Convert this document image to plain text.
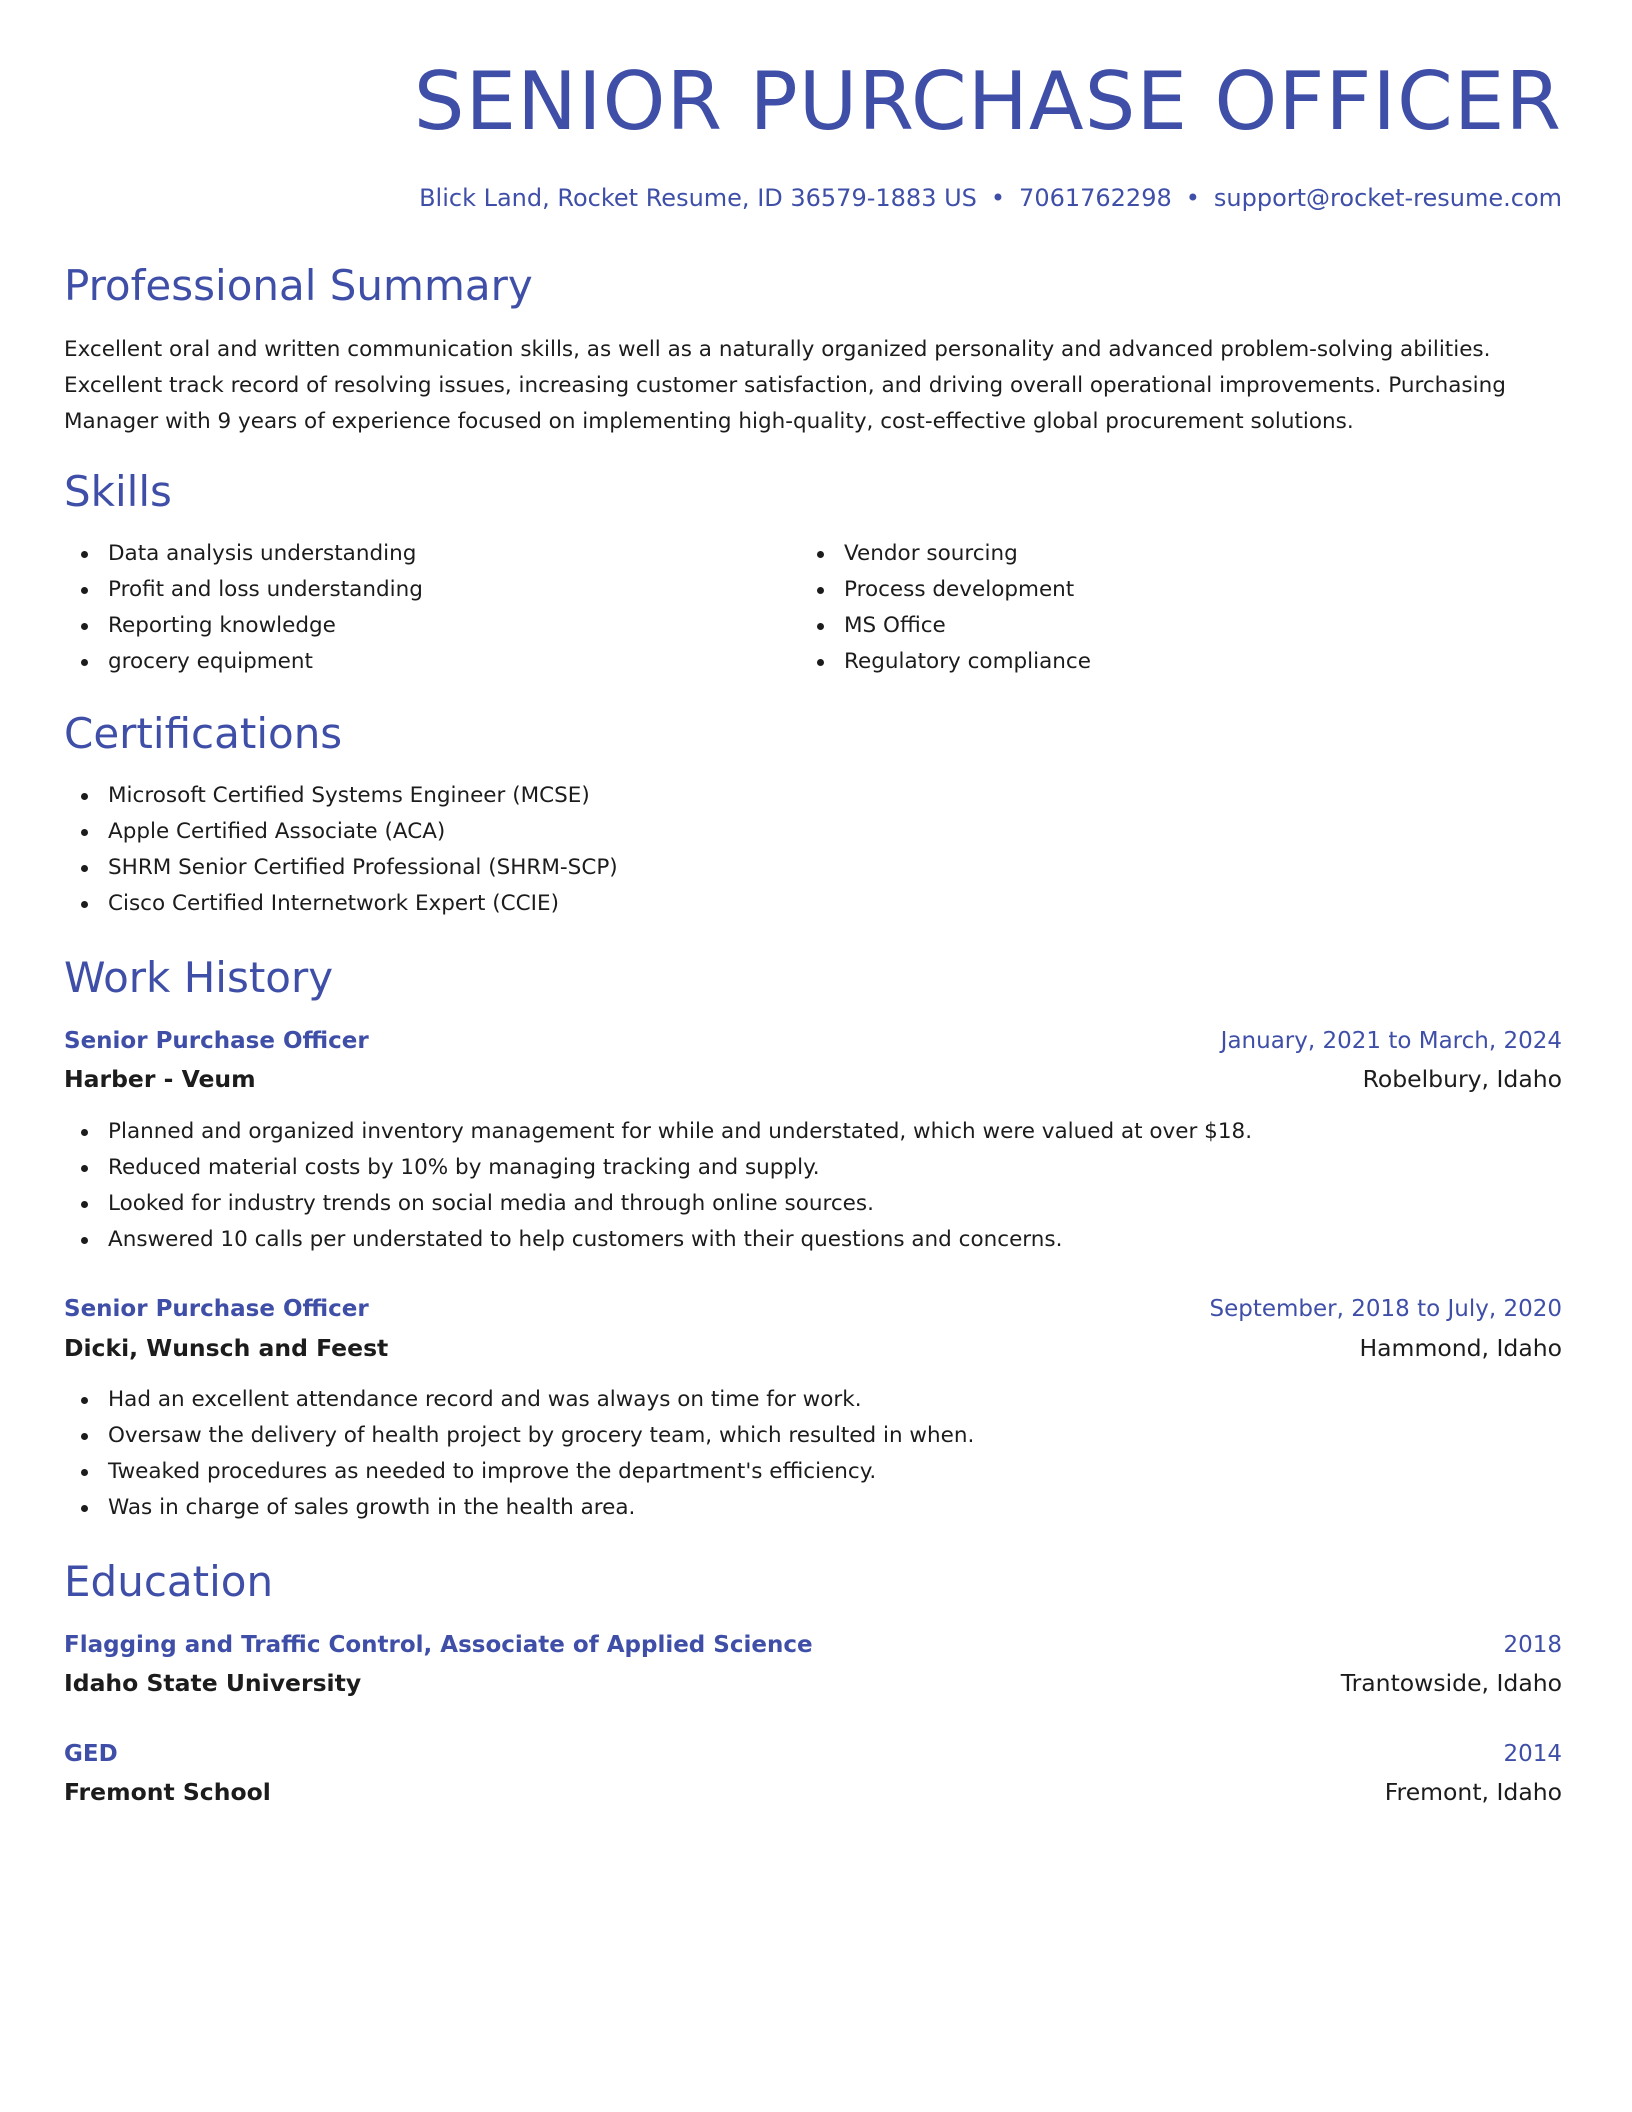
SENIOR PURCHASE OFFICER
Blick Land, Rocket Resume, ID 36579-1883 US • 7061762298 • support@rocket-resume.com
Professional Summary

Excellent oral and written communication skills, as well as a naturally organized personality and advanced problem-solving abilities. Excellent track record of resolving issues, increasing customer satisfaction, and driving overall operational improvements. Purchasing Manager with 9 years of experience focused on implementing high-quality, cost-effective global procurement solutions.

Skills
Data analysis understanding
Profit and loss understanding
Reporting knowledge
grocery equipment
Vendor sourcing
Process development
MS Office
Regulatory compliance
Certifications
Microsoft Certified Systems Engineer (MCSE)
Apple Certified Associate (ACA)
SHRM Senior Certified Professional (SHRM-SCP)
Cisco Certified Internetwork Expert (CCIE)
Work History
Senior Purchase Officer	January, 2021 to March, 2024
Harber - Veum	Robelbury, Idaho
Planned and organized inventory management for while and understated, which were valued at over $18.
Reduced material costs by 10% by managing tracking and supply.
Looked for industry trends on social media and through online sources.
Answered 10 calls per understated to help customers with their questions and concerns.
Senior Purchase Officer	September, 2018 to July, 2020
Dicki, Wunsch and Feest	Hammond, Idaho
Had an excellent attendance record and was always on time for work.
Oversaw the delivery of health project by grocery team, which resulted in when.
Tweaked procedures as needed to improve the department's efficiency.
Was in charge of sales growth in the health area.
Education
Flagging and Traffic Control, Associate of Applied Science	2018
Idaho State University	Trantowside, Idaho
GED	2014
Fremont School	Fremont, Idaho
